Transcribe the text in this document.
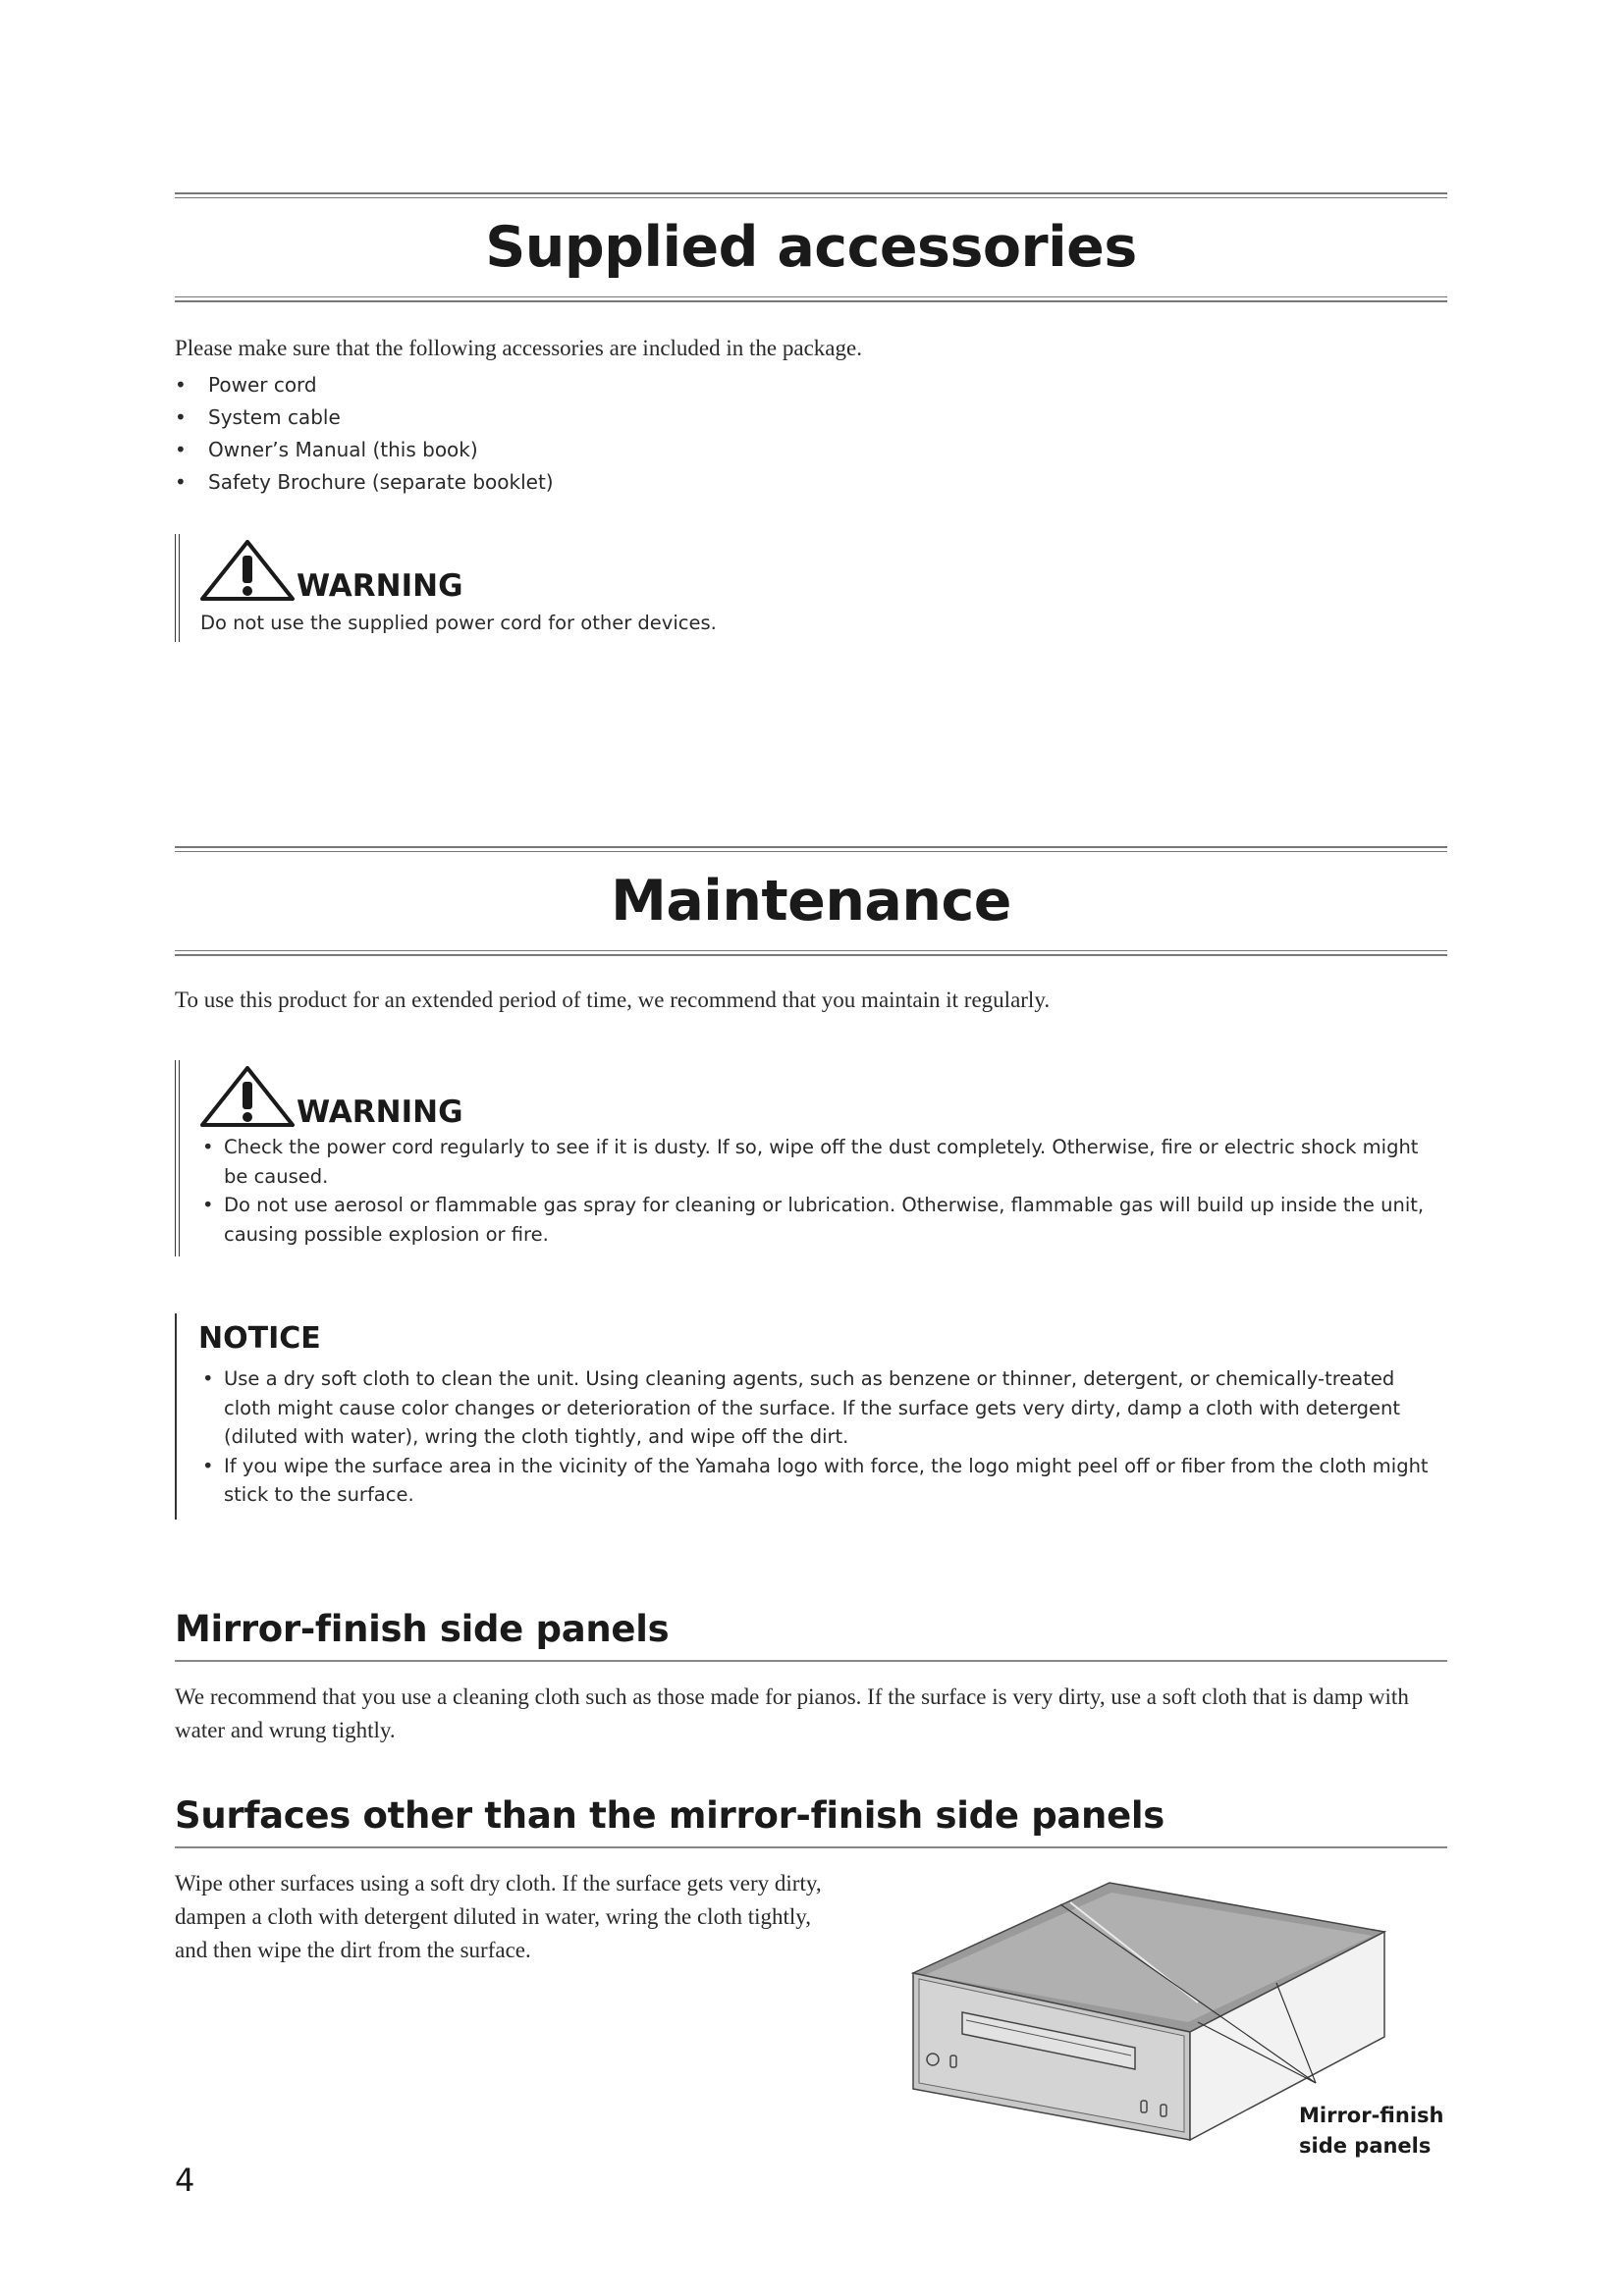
Supplied accessories
Please make sure that the following accessories are included in the package.
• Power cord
• System cable
• Owner’s Manual (this book)
• Safety Brochure (separate booklet)
WARNING
Do not use the supplied power cord for other devices.
Maintenance
To use this product for an extended period of time, we recommend that you maintain it regularly.
WARNING
• Check the power cord regularly to see if it is dusty. If so, wipe off the dust completely. Otherwise, fire or electric shock might be caused.
• Do not use aerosol or flammable gas spray for cleaning or lubrication. Otherwise, flammable gas will build up inside the unit, causing possible explosion or fire.
NOTICE
• Use a dry soft cloth to clean the unit. Using cleaning agents, such as benzene or thinner, detergent, or chemically-treated cloth might cause color changes or deterioration of the surface. If the surface gets very dirty, damp a cloth with detergent (diluted with water), wring the cloth tightly, and wipe off the dirt.
• If you wipe the surface area in the vicinity of the Yamaha logo with force, the logo might peel off or fiber from the cloth might stick to the surface.
Mirror-finish side panels
We recommend that you use a cleaning cloth such as those made for pianos. If the surface is very dirty, use a soft cloth that is damp with water and wrung tightly.
Surfaces other than the mirror-finish side panels
Wipe other surfaces using a soft dry cloth. If the surface gets very dirty, dampen a cloth with detergent diluted in water, wring the cloth tightly, and then wipe the dirt from the surface.
Mirror-finish
side panels
4
